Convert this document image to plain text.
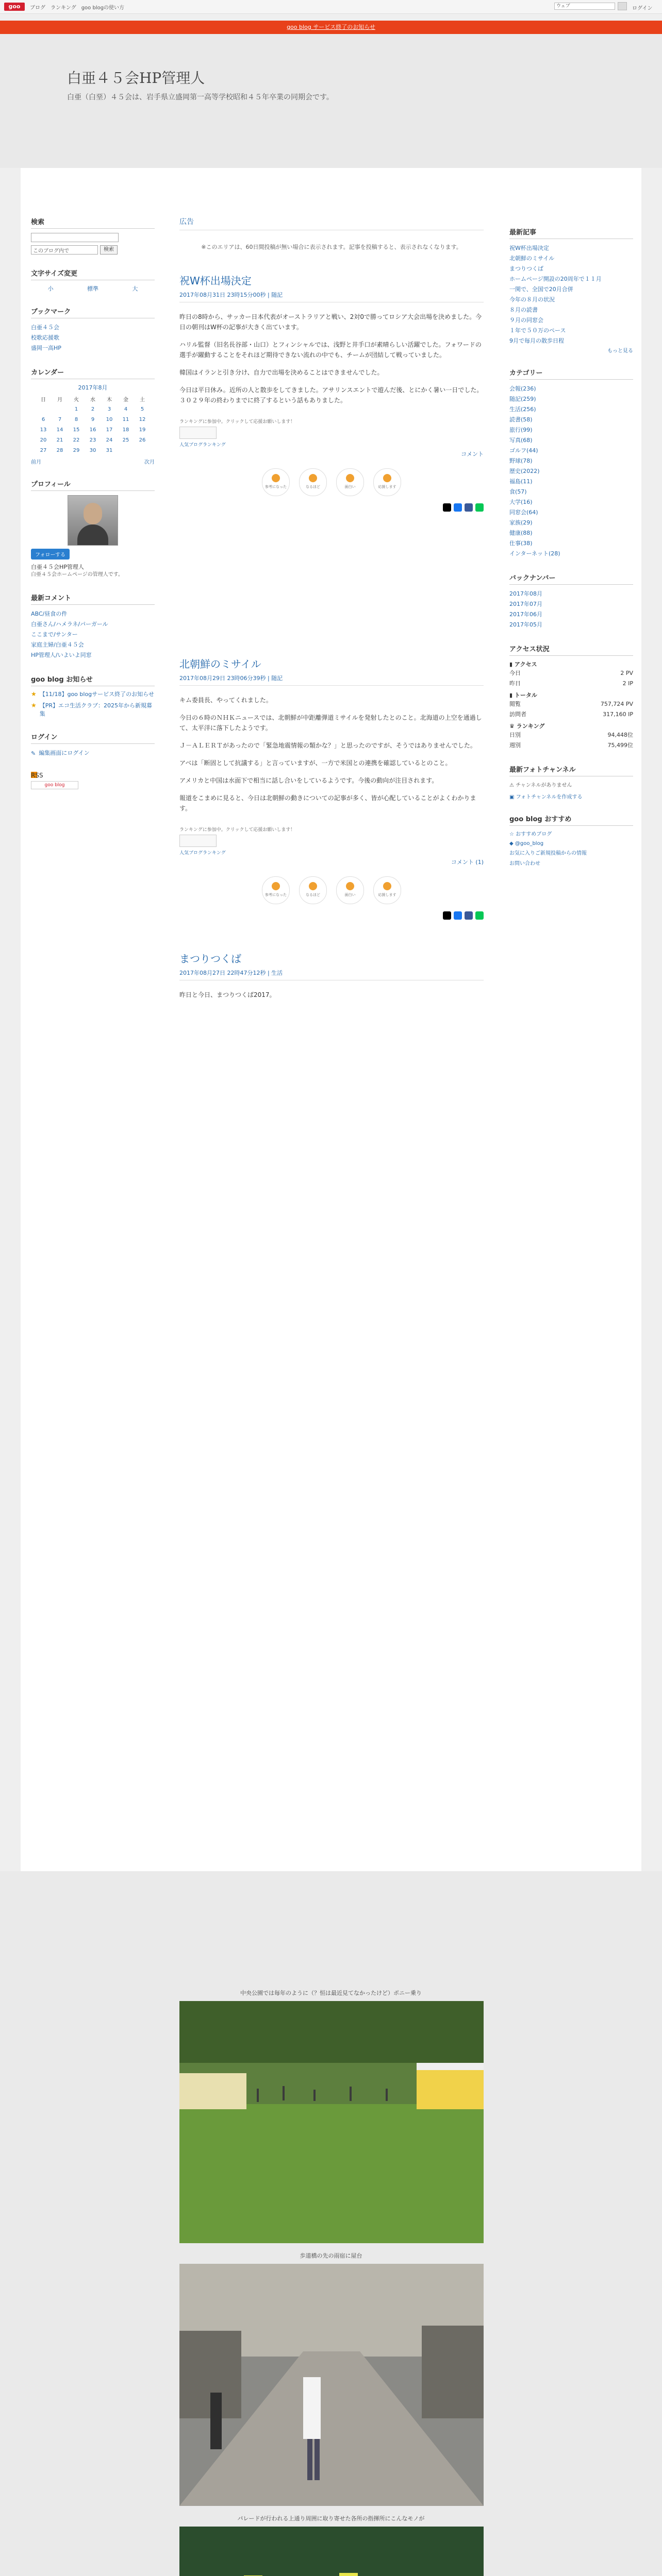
goo	ブログ ランキング goo blogの使い方	ウェブ	ログイン
goo blog サービス終了のお知らせ
白亜４５会HP管理人
白亜（白堊）４５会は、岩手県立盛岡第一高等学校昭和４５年卒業の同期会です。
検索
このブログ内で	検索
文字サイズ変更
小	標準	大
ブックマーク
白亜４５会
校歌応援歌
盛岡一高HP
カレンダー
2017年8月
日	月	火	水	木	金	土
		1	2	3	4	5
6	7	8	9	10	11	12
13	14	15	16	17	18	19
20	21	22	23	24	25	26
27	28	29	30	31		
前月	次月
プロフィール
フォローする
白亜４５会HP管理人
白亜４５会ホームページの管理人です。
最新コメント
ABC/昼食の件
白亜さん/ハメラネ/パーガール
ここまで/サンター
家庭主婦/白亜４５会
HP管理人/いよいよ同窓
goo blog お知らせ
★ 【11/18】goo blogサービス終了のお知らせ
★ 【PR】エコ生活クラブ：2025年から新規募集
ログイン
✎ 編集画面にログイン
RSS
goo blog
広告
※このエリアは、60日間投稿が無い場合に表示されます。記事を投稿すると、表示されなくなります。
祝W杯出場決定
2017年08月31日 23時15分00秒 | 随記

昨日の8時から、サッカー日本代表がオーストラリアと戦い、2対0で勝ってロシア大会出場を決めました。今日の朝刊はW杯の記事が大きく出ています。

ハリル監督（旧名長谷部・山口）とフィンシャルでは、浅野と井手口が素晴らしい活躍でした。フォワードの選手が躍動することをそれほど期待できない流れの中でも、チームが団結して戦っていました。

韓国はイランと引き分け、自力で出場を決めることはできませんでした。

今日は平日休み。近所の人と散歩をしてきました。アサリンスエントで遊んだ後、とにかく暑い一日でした。３０２９年の終わりまでに終了するという話もありました。

ランキングに参加中。クリックして応援お願いします！
人気ブログランキング
コメント
参考になった	なるほど	面白い	応援します
北朝鮮のミサイル
2017年08月29日 23時06分39秒 | 随記

キム委員長、やってくれました。

今日の６時のＮＨＫニュースでは、北朝鮮が中距離弾道ミサイルを発射したとのこと。北海道の上空を通過して、太平洋に落下したようです。

Ｊ－ＡＬＥＲＴがあったので「緊急地震情報の類かな？」と思ったのですが、そうではありませんでした。

アベは「断固として抗議する」と言っていますが、一方で米国との連携を確認しているとのこと。

アメリカと中国は水面下で相当に話し合いをしているようです。今後の動向が注目されます。

報道をこまめに見ると、今日は北朝鮮の動きについての記事が多く、皆が心配していることがよくわかります。

ランキングに参加中。クリックして応援お願いします！
人気ブログランキング
コメント (1)
参考になった	なるほど	面白い	応援します
まつりつくば
2017年08月27日 22時47分12秒 | 生活

昨日と今日、まつりつくば2017。

最新記事
祝W杯出場決定
北朝鮮のミサイル
まつりつくば
ホームページ開設の20周年で１１月
一関で、全国で20月合併
今年の８月の状況
８月の読書
９月の同窓会
１年で５０万のペース
9月で毎月の散歩日程
もっと見る
カテゴリー
会報(236)
随記(259)
生活(256)
読書(58)
旅行(99)
写真(68)
ゴルフ(44)
野球(78)
歴史(2022)
福島(11)
食(57)
大学(16)
同窓会(64)
家族(29)
健康(88)
仕事(38)
インターネット(28)
バックナンバー
2017年08月
2017年07月
2017年06月
2017年05月
アクセス状況
▮ アクセス
今日	2 PV
昨日	2 IP
▮ トータル
閲覧	757,724 PV
訪問者	317,160 IP
♛ ランキング
日別	94,448位
週別	75,499位
最新フォトチャンネル
⚠ チャンネルがありません
▣ フォトチャンネルを作成する
goo blog おすすめ
☆ おすすめブログ
◆ @goo_blog
お気に入りご新規投稿からの情報
お問い合わせ
中央公園では毎年のように（？恒は最近見てなかったけど）ポニー乗り
歩道橋の先の雨宿に屋台
パレードが行われる上通り周囲に取り寄せた各所の指揮所にこんなモノが
